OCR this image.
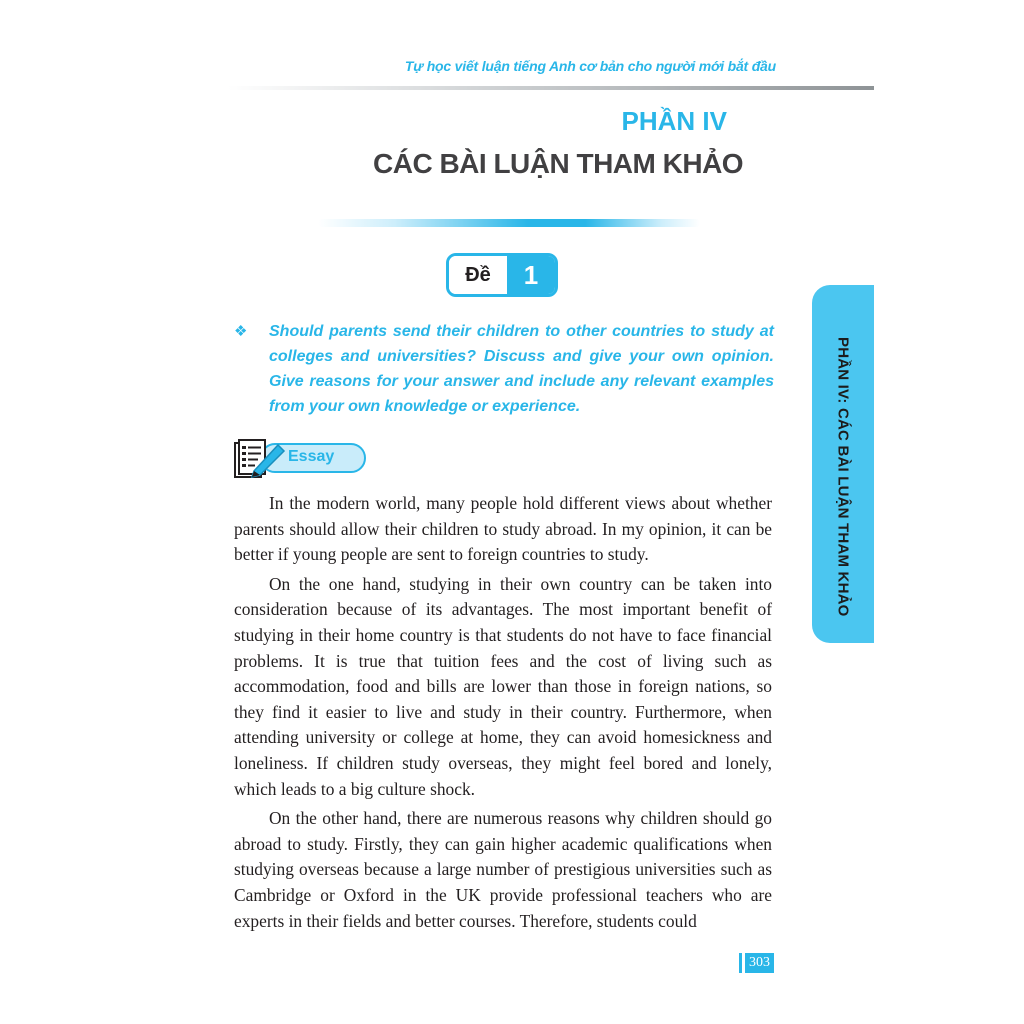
Tự học viết luận tiếng Anh cơ bản cho người mới bắt đầu
PHẦN IV
CÁC BÀI LUẬN THAM KHẢO
Đề	1
❖ Should parents send their children to other countries to study at colleges and universities? Discuss and give your own opinion. Give reasons for your answer and include any relevant examples from your own knowledge or experience.
Essay

In the modern world, many people hold different views about whether parents should allow their children to study abroad. In my opinion, it can be better if young people are sent to foreign countries to study.

On the one hand, studying in their own country can be taken into consideration because of its advantages. The most important benefit of studying in their home country is that students do not have to face financial problems. It is true that tuition fees and the cost of living such as accommodation, food and bills are lower than those in foreign nations, so they find it easier to live and study in their country. Furthermore, when attending university or college at home, they can avoid homesickness and loneliness. If children study overseas, they might feel bored and lonely, which leads to a big culture shock.

On the other hand, there are numerous reasons why children should go abroad to study. Firstly, they can gain higher academic qualifications when studying overseas because a large number of prestigious universities such as Cambridge or Oxford in the UK provide professional teachers who are experts in their fields and better courses. Therefore, students could

PHẦN IV: CÁC BÀI LUẬN THAM KHẢO
303
